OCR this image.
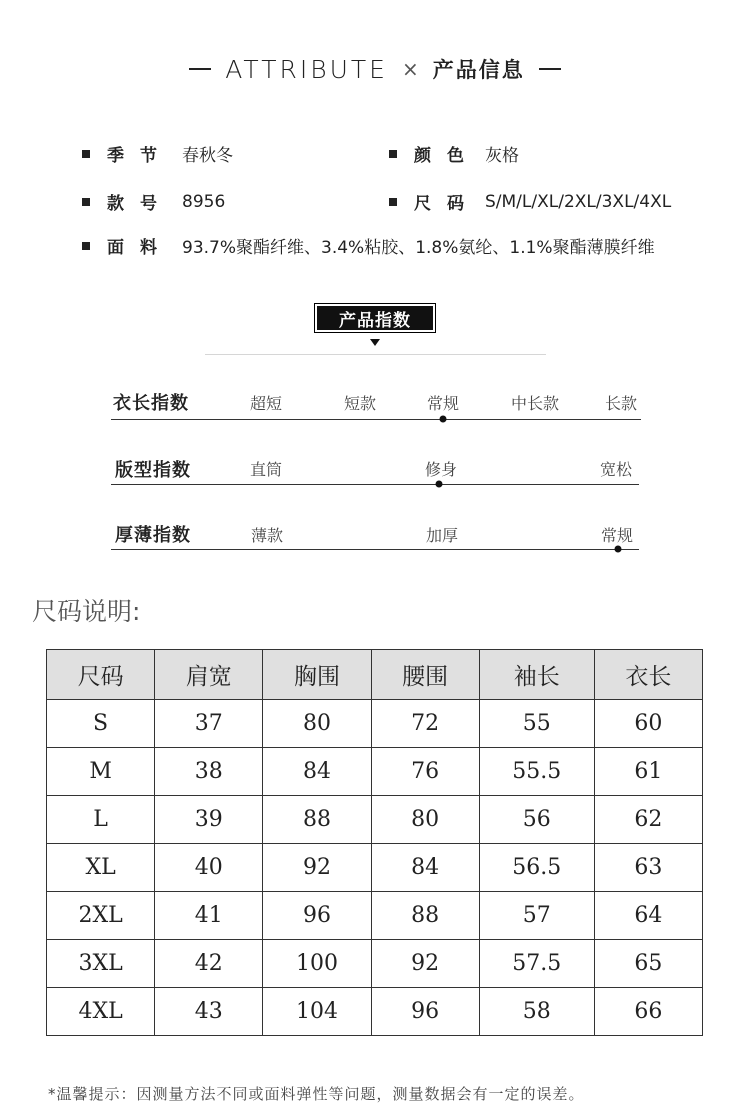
ATTRIBUTE × 产品信息
季节 春秋冬
款号 8956
面料 93.7%聚酯纤维、3.4%粘胶、1.8%氨纶、1.1%聚酯薄膜纤维
颜色 灰格
尺码 S/M/L/XL/2XL/3XL/4XL
产品指数
衣长指数	超短	短款	常规	中长款	长款
版型指数	直筒	修身	宽松
厚薄指数	薄款	加厚	常规
尺码说明:
尺码	肩宽	胸围	腰围	袖长	衣长
S	37	80	72	55	60
M	38	84	76	55.5	61
L	39	88	80	56	62
XL	40	92	84	56.5	63
2XL	41	96	88	57	64
3XL	42	100	92	57.5	65
4XL	43	104	96	58	66
*温馨提示：因测量方法不同或面料弹性等问题，测量数据会有一定的误差。
